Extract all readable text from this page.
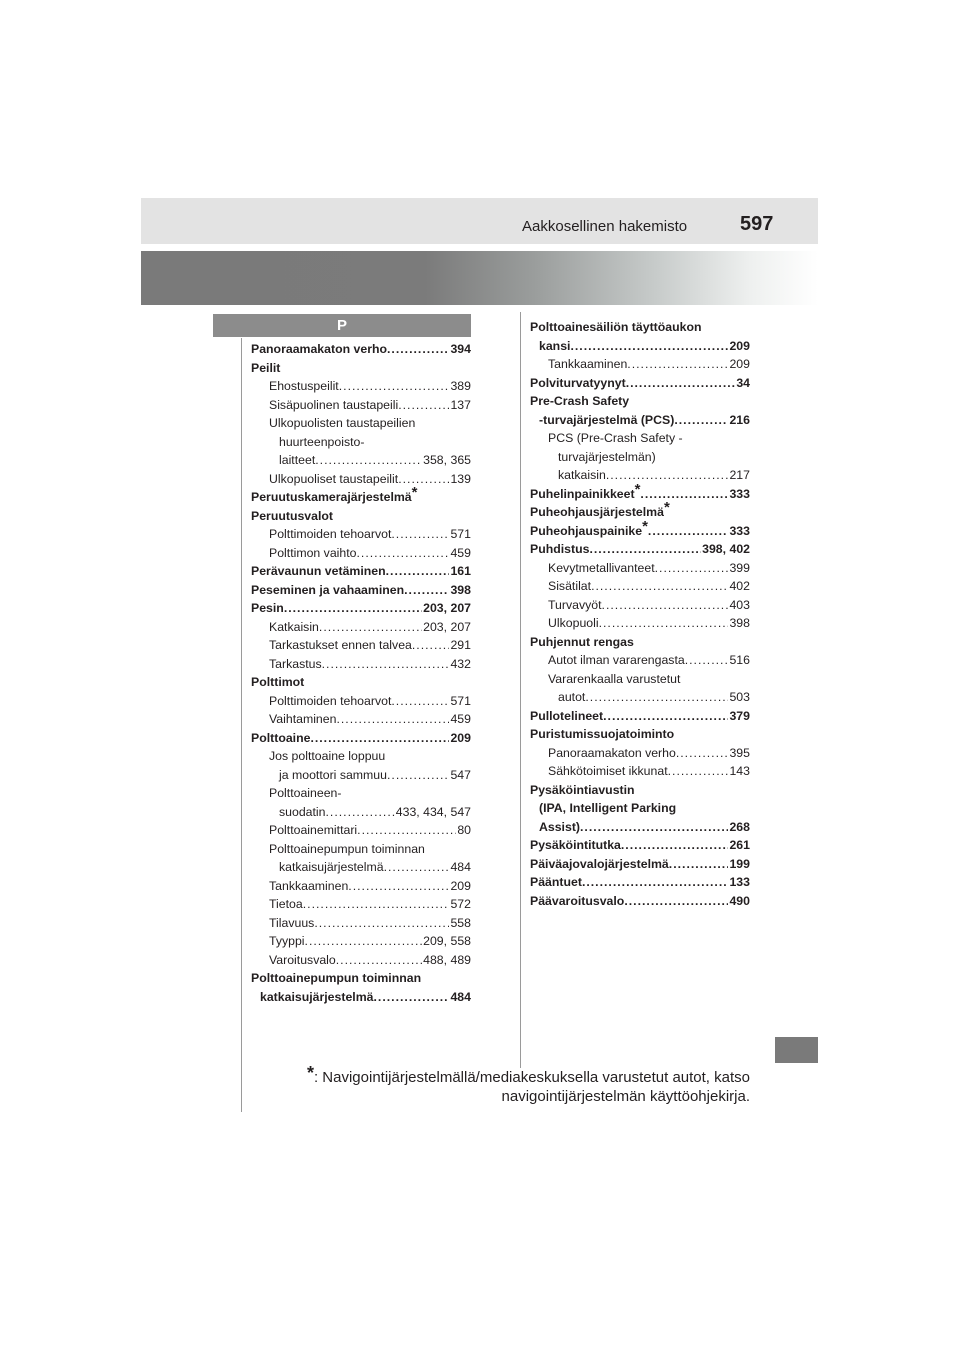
Aakkosellinen hakemisto	597
P
Panoraamakaton verho .....	394
Peilit
Ehostuspeilit .....	389
Sisäpuolinen taustapeili .....	137
Ulkopuolisten taustapeilien
huurteenpoisto-
laitteet .....	358, 365
Ulkopuoliset taustapeilit .....	139
Peruutuskamerajärjestelmä*
Peruutusvalot
Polttimoiden tehoarvot .....	571
Polttimon vaihto .....	459
Perävaunun vetäminen .....	161
Peseminen ja vahaaminen .....	398
Pesin .....	203, 207
Katkaisin .....	203, 207
Tarkastukset ennen talvea .....	291
Tarkastus .....	432
Polttimot
Polttimoiden tehoarvot .....	571
Vaihtaminen .....	459
Polttoaine .....	209
Jos polttoaine loppuu
ja moottori sammuu .....	547
Polttoaineen-
suodatin .....	433, 434, 547
Polttoainemittari .....	80
Polttoainepumpun toiminnan
katkaisujärjestelmä .....	484
Tankkaaminen .....	209
Tietoa .....	572
Tilavuus .....	558
Tyyppi .....	209, 558
Varoitusvalo .....	488, 489
Polttoainepumpun toiminnan
katkaisujärjestelmä .....	484
Polttoainesäiliön täyttöaukon
kansi .....	209
Tankkaaminen .....	209
Polviturvatyynyt .....	34
Pre-Crash Safety
-turvajärjestelmä (PCS) .....	216
PCS (Pre-Crash Safety -
turvajärjestelmän)
katkaisin .....	217
Puhelinpainikkeet* .....	333
Puheohjausjärjestelmä*
Puheohjauspainike* .....	333
Puhdistus .....	398, 402
Kevytmetallivanteet .....	399
Sisätilat .....	402
Turvavyöt .....	403
Ulkopuoli .....	398
Puhjennut rengas
Autot ilman vararengasta .....	516
Vararenkaalla varustetut
autot .....	503
Pullotelineet .....	379
Puristumissuojatoiminto
Panoraamakaton verho .....	395
Sähkötoimiset ikkunat .....	143
Pysäköintiavustin
(IPA, Intelligent Parking
Assist) .....	268
Pysäköintitutka .....	261
Päiväajovalojärjestelmä .....	199
Pääntuet .....	133
Päävaroitusvalo .....	490
*: Navigointijärjestelmällä/mediakeskuksella varustetut autot, katso
navigointijärjestelmän käyttöohjekirja.
